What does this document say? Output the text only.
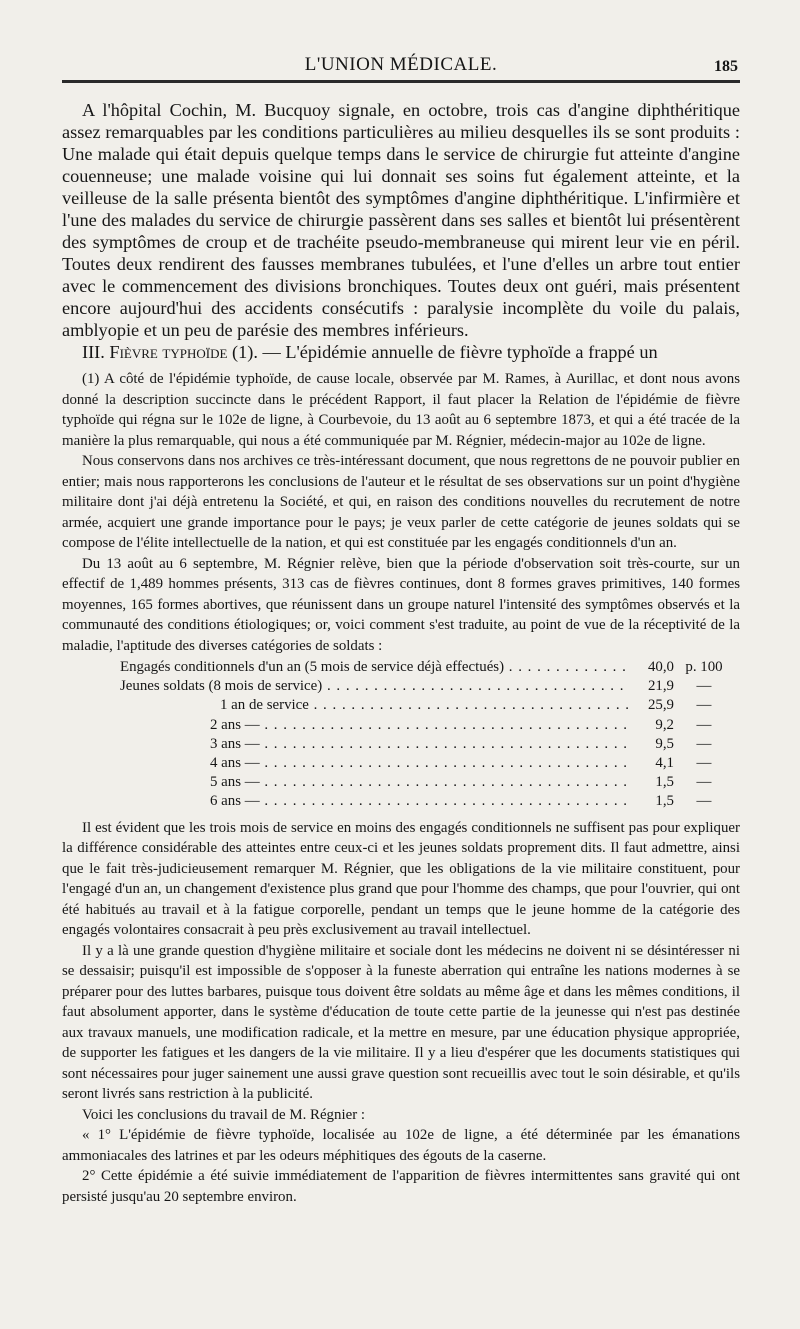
L'UNION MÉDICALE.	185

A l'hôpital Cochin, M. Bucquoy signale, en octobre, trois cas d'angine diphthéritique assez remarquables par les conditions particulières au milieu desquelles ils se sont produits : Une malade qui était depuis quelque temps dans le service de chirurgie fut atteinte d'angine couenneuse; une malade voisine qui lui donnait ses soins fut également atteinte, et la veilleuse de la salle présenta bientôt des symptômes d'angine diphthéritique. L'infirmière et l'une des malades du service de chirurgie passèrent dans ses salles et bientôt lui présentèrent des symptômes de croup et de trachéite pseudo-membraneuse qui mirent leur vie en péril. Toutes deux rendirent des fausses membranes tubulées, et l'une d'elles un arbre tout entier avec le commencement des divisions bronchiques. Toutes deux ont guéri, mais présentent encore aujourd'hui des accidents consécutifs : paralysie incomplète du voile du palais, amblyopie et un peu de parésie des membres inférieurs.

III. Fièvre typhoïde (1). — L'épidémie annuelle de fièvre typhoïde a frappé un

(1) A côté de l'épidémie typhoïde, de cause locale, observée par M. Rames, à Aurillac, et dont nous avons donné la description succincte dans le précédent Rapport, il faut placer la Relation de l'épidémie de fièvre typhoïde qui régna sur le 102e de ligne, à Courbevoie, du 13 août au 6 septembre 1873, et qui a été tracée de la manière la plus remarquable, qui nous a été communiquée par M. Régnier, médecin-major au 102e de ligne.

Nous conservons dans nos archives ce très-intéressant document, que nous regrettons de ne pouvoir publier en entier; mais nous rapporterons les conclusions de l'auteur et le résultat de ses observations sur un point d'hygiène militaire dont j'ai déjà entretenu la Société, et qui, en raison des conditions nouvelles du recrutement de notre armée, acquiert une grande importance pour le pays; je veux parler de cette catégorie de jeunes soldats qui se compose de l'élite intellectuelle de la nation, et qui est constituée par les engagés conditionnels d'un an.

Du 13 août au 6 septembre, M. Régnier relève, bien que la période d'observation soit très-courte, sur un effectif de 1,489 hommes présents, 313 cas de fièvres continues, dont 8 formes graves primitives, 140 formes moyennes, 165 formes abortives, que réunissent dans un groupe naturel l'intensité des symptômes observés et la communauté des conditions étiologiques; or, voici comment s'est traduite, au point de vue de la réceptivité de la maladie, l'aptitude des diverses catégories de soldats :

Engagés conditionnels d'un an (5 mois de service déjà effectués) . . .	40,0 p. 100
Jeunes soldats (8 mois de service) . . .	21,9	—
1 an de service . . .	25,9	—
2 ans — . . .	9,2	—
3 ans — . . .	9,5	—
4 ans — . . .	4,1	—
5 ans — . . .	1,5	—
6 ans — . . .	1,5	—

Il est évident que les trois mois de service en moins des engagés conditionnels ne suffisent pas pour expliquer la différence considérable des atteintes entre ceux-ci et les jeunes soldats proprement dits. Il faut admettre, ainsi que le fait très-judicieusement remarquer M. Régnier, que les obligations de la vie militaire constituent, pour l'engagé d'un an, un changement d'existence plus grand que pour l'homme des champs, que pour l'ouvrier, qui ont été habitués au travail et à la fatigue corporelle, pendant un temps que le jeune homme de la catégorie des engagés volontaires consacrait à peu près exclusivement au travail intellectuel.

Il y a là une grande question d'hygiène militaire et sociale dont les médecins ne doivent ni se désintéresser ni se dessaisir; puisqu'il est impossible de s'opposer à la funeste aberration qui entraîne les nations modernes à se préparer pour des luttes barbares, puisque tous doivent être soldats au même âge et dans les mêmes conditions, il faut absolument apporter, dans le système d'éducation de toute cette partie de la jeunesse qui n'est pas destinée aux travaux manuels, une modification radicale, et la mettre en mesure, par une éducation physique appropriée, de supporter les fatigues et les dangers de la vie militaire. Il y a lieu d'espérer que les documents statistiques qui sont nécessaires pour juger sainement une aussi grave question sont recueillis avec tout le soin désirable, et qu'ils seront livrés sans restriction à la publicité.

Voici les conclusions du travail de M. Régnier :

« 1° L'épidémie de fièvre typhoïde, localisée au 102e de ligne, a été déterminée par les émanations ammoniacales des latrines et par les odeurs méphitiques des égouts de la caserne.

2° Cette épidémie a été suivie immédiatement de l'apparition de fièvres intermittentes sans gravité qui ont persisté jusqu'au 20 septembre environ.
